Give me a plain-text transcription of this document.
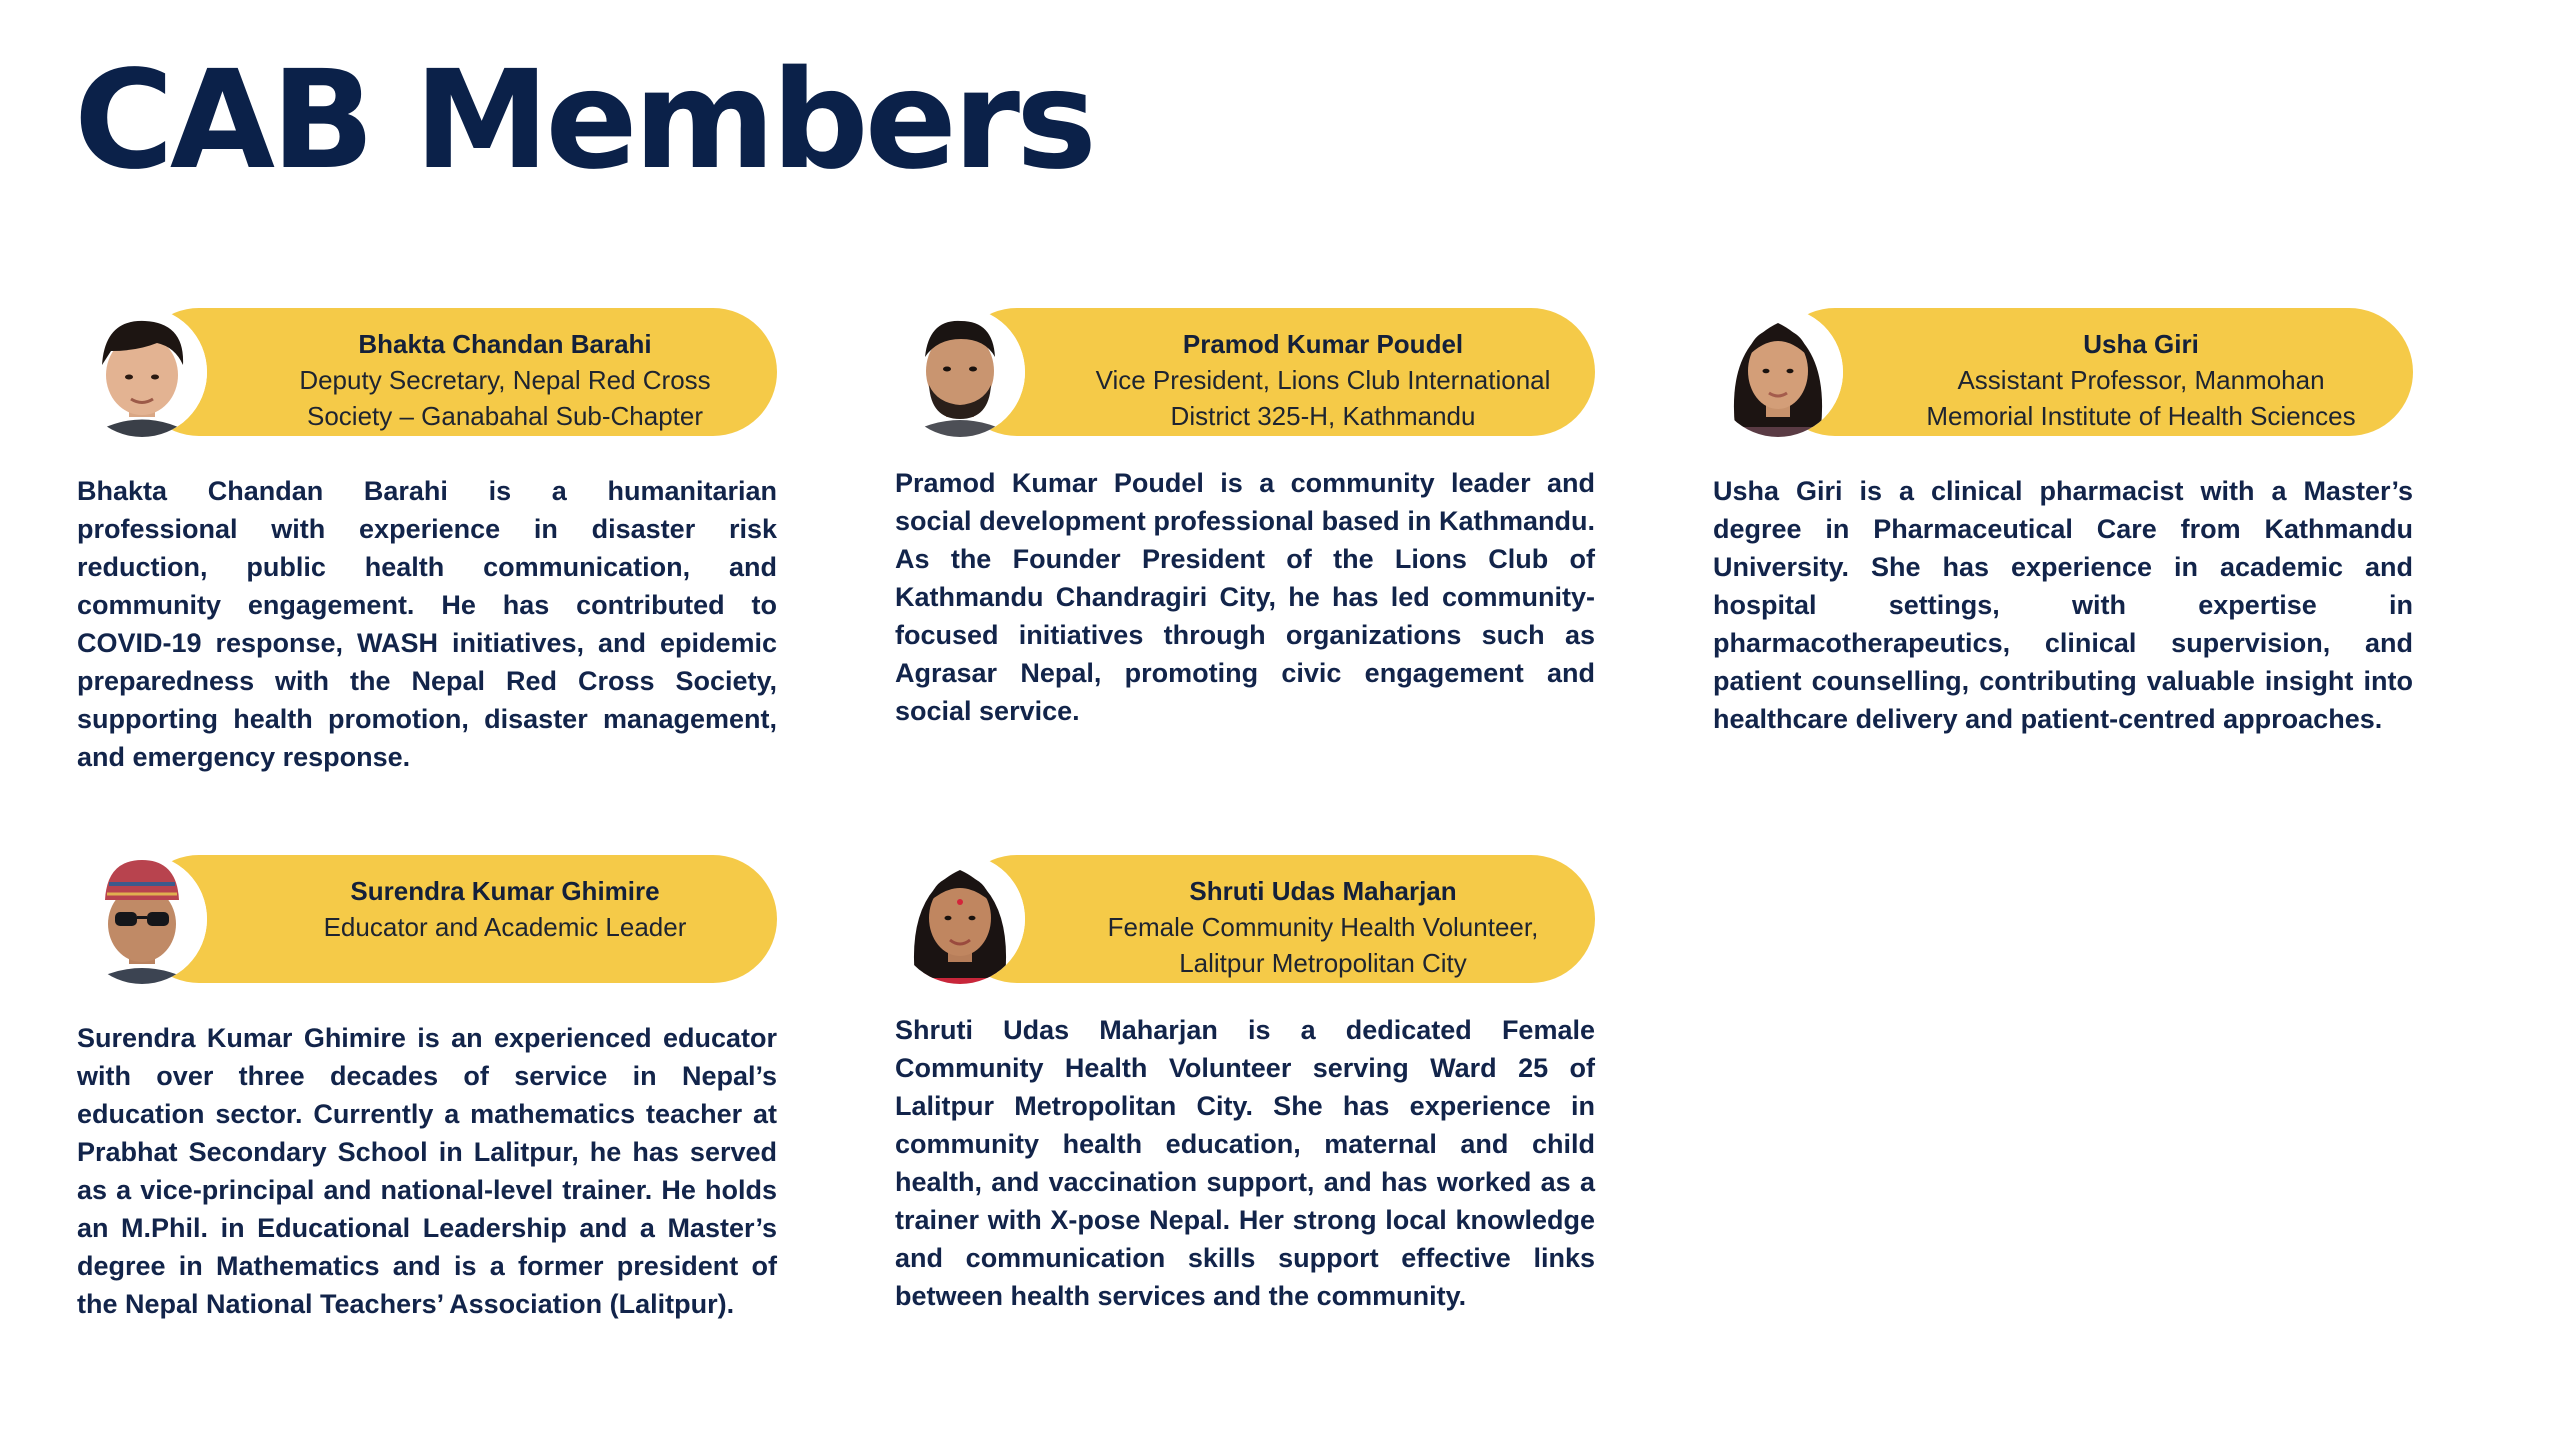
CAB Members
Bhakta Chandan Barahi
Deputy Secretary, Nepal Red Cross
Society – Ganabahal Sub-Chapter

Bhakta Chandan Barahi is a humanitarian professional with experience in disaster risk reduction, public health communication, and community engagement. He has contributed to COVID-19 response, WASH initiatives, and epidemic preparedness with the Nepal Red Cross Society, supporting health promotion, disaster management, and emergency response.

Pramod Kumar Poudel
Vice President, Lions Club International
District 325-H, Kathmandu

Pramod Kumar Poudel is a community leader and social development professional based in Kathmandu. As the Founder President of the Lions Club of Kathmandu Chandragiri City, he has led community-focused initiatives through organizations such as Agrasar Nepal, promoting civic engagement and social service.

Usha Giri
Assistant Professor, Manmohan
Memorial Institute of Health Sciences

Usha Giri is a clinical pharmacist with a Master’s degree in Pharmaceutical Care from Kathmandu University. She has experience in academic and hospital settings, with expertise in pharmacotherapeutics, clinical supervision, and patient counselling, contributing valuable insight into healthcare delivery and patient-centred approaches.

Surendra Kumar Ghimire
Educator and Academic Leader

Surendra Kumar Ghimire is an experienced educator with over three decades of service in Nepal’s education sector. Currently a mathematics teacher at Prabhat Secondary School in Lalitpur, he has served as a vice-principal and national-level trainer. He holds an M.Phil. in Educational Leadership and a Master’s degree in Mathematics and is a former president of the Nepal National Teachers’ Association (Lalitpur).

Shruti Udas Maharjan
Female Community Health Volunteer,
Lalitpur Metropolitan City

Shruti Udas Maharjan is a dedicated Female Community Health Volunteer serving Ward 25 of Lalitpur Metropolitan City. She has experience in community health education, maternal and child health, and vaccination support, and has worked as a trainer with X-pose Nepal. Her strong local knowledge and communication skills support effective links between health services and the community.
